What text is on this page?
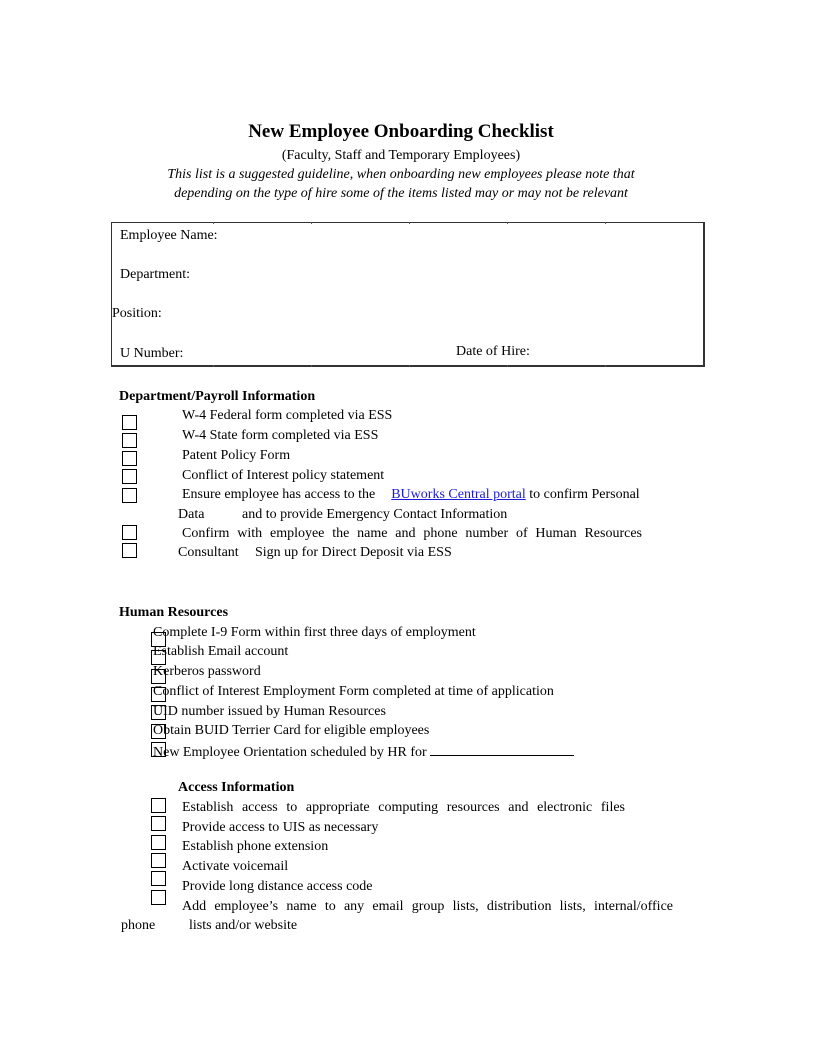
New Employee Onboarding Checklist
(Faculty, Staff and Temporary Employees)
This list is a suggested guideline, when onboarding new employees please note that
depending on the type of hire some of the items listed may or may not be relevant
Employee Name:
Department:
Position:
U Number:	Date of Hire:
Department/Payroll Information
W-4 Federal form completed via ESS
W-4 State form completed via ESS
Patent Policy Form
Conflict of Interest policy statement
Ensure employee has access to the BUworks Central portal to confirm Personal
Data	and to provide Emergency Contact Information
Confirm with employee the name and phone number of Human Resources
Consultant Sign up for Direct Deposit via ESS
Human Resources
Complete I-9 Form within first three days of employment
Establish Email account
Kerberos password
Conflict of Interest Employment Form completed at time of application
UID number issued by Human Resources
Obtain BUID Terrier Card for eligible employees
New Employee Orientation scheduled by HR for
Access Information
Establish access to appropriate computing resources and electronic files
Provide access to UIS as necessary
Establish phone extension
Activate voicemail
Provide long distance access code
Add employee’s name to any email group lists, distribution lists, internal/office
phone lists and/or website
